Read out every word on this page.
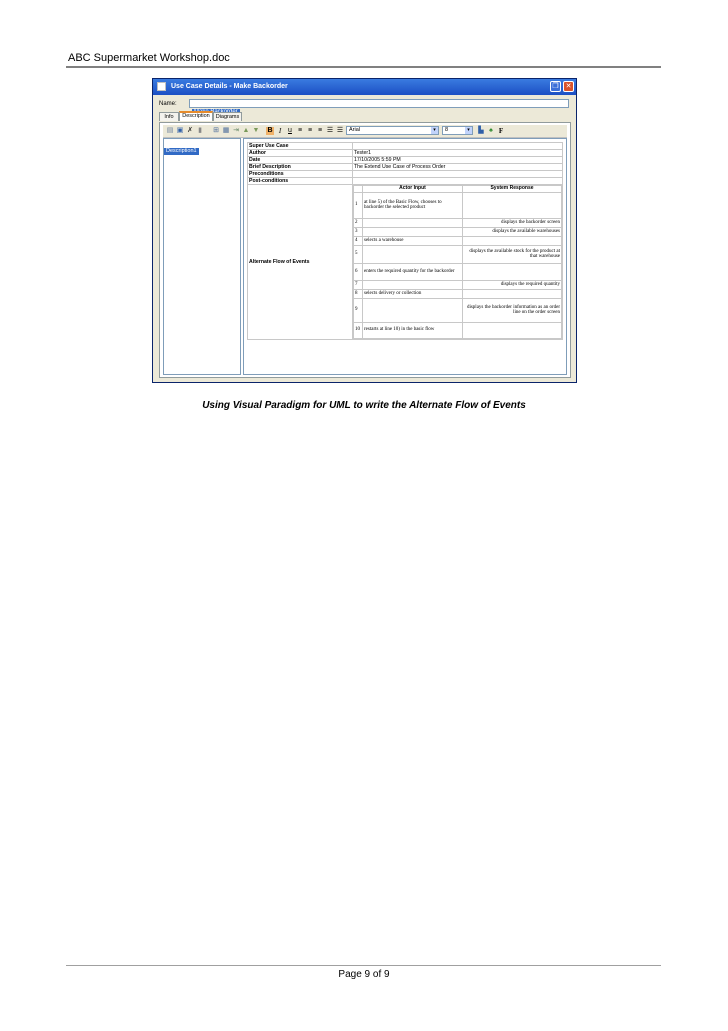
ABC Supermarket Workshop.doc
Use Case Details - Make Backorder	❐ ✕
Name:
Info	Description	Diagrams
▤ ▣ ✗ ▮ ⊞ ▦ ⇥ ▲ ▼ B I u ≡ ≡ ≡ ☰ ☰	Arial	▾	8	▾	▙ ♠ F
Description1
Super Use Case	
Author	Tester1
Date	17/10/2005 5:59 PM
Brief Description	The Extend Use Case of Process Order
Preconditions	
Post-conditions	
Alternate Flow of Events	
	Actor Input	System Response
1	at line 5) of the Basic Flow, chooses to backorder the selected product	
2		displays the backorder screen
3		displays the available warehouses
4	selects a warehouse	
5		displays the available stock for the product at that warehouse
6	enters the required quantity for the backorder	
7		displays the required quantity
8	selects delivery or collection	
9		displays the backorder information as an order line on the order screen
10	restarts at line 10) in the basic flow	
Using Visual Paradigm for UML to write the Alternate Flow of Events
Page 9 of 9
